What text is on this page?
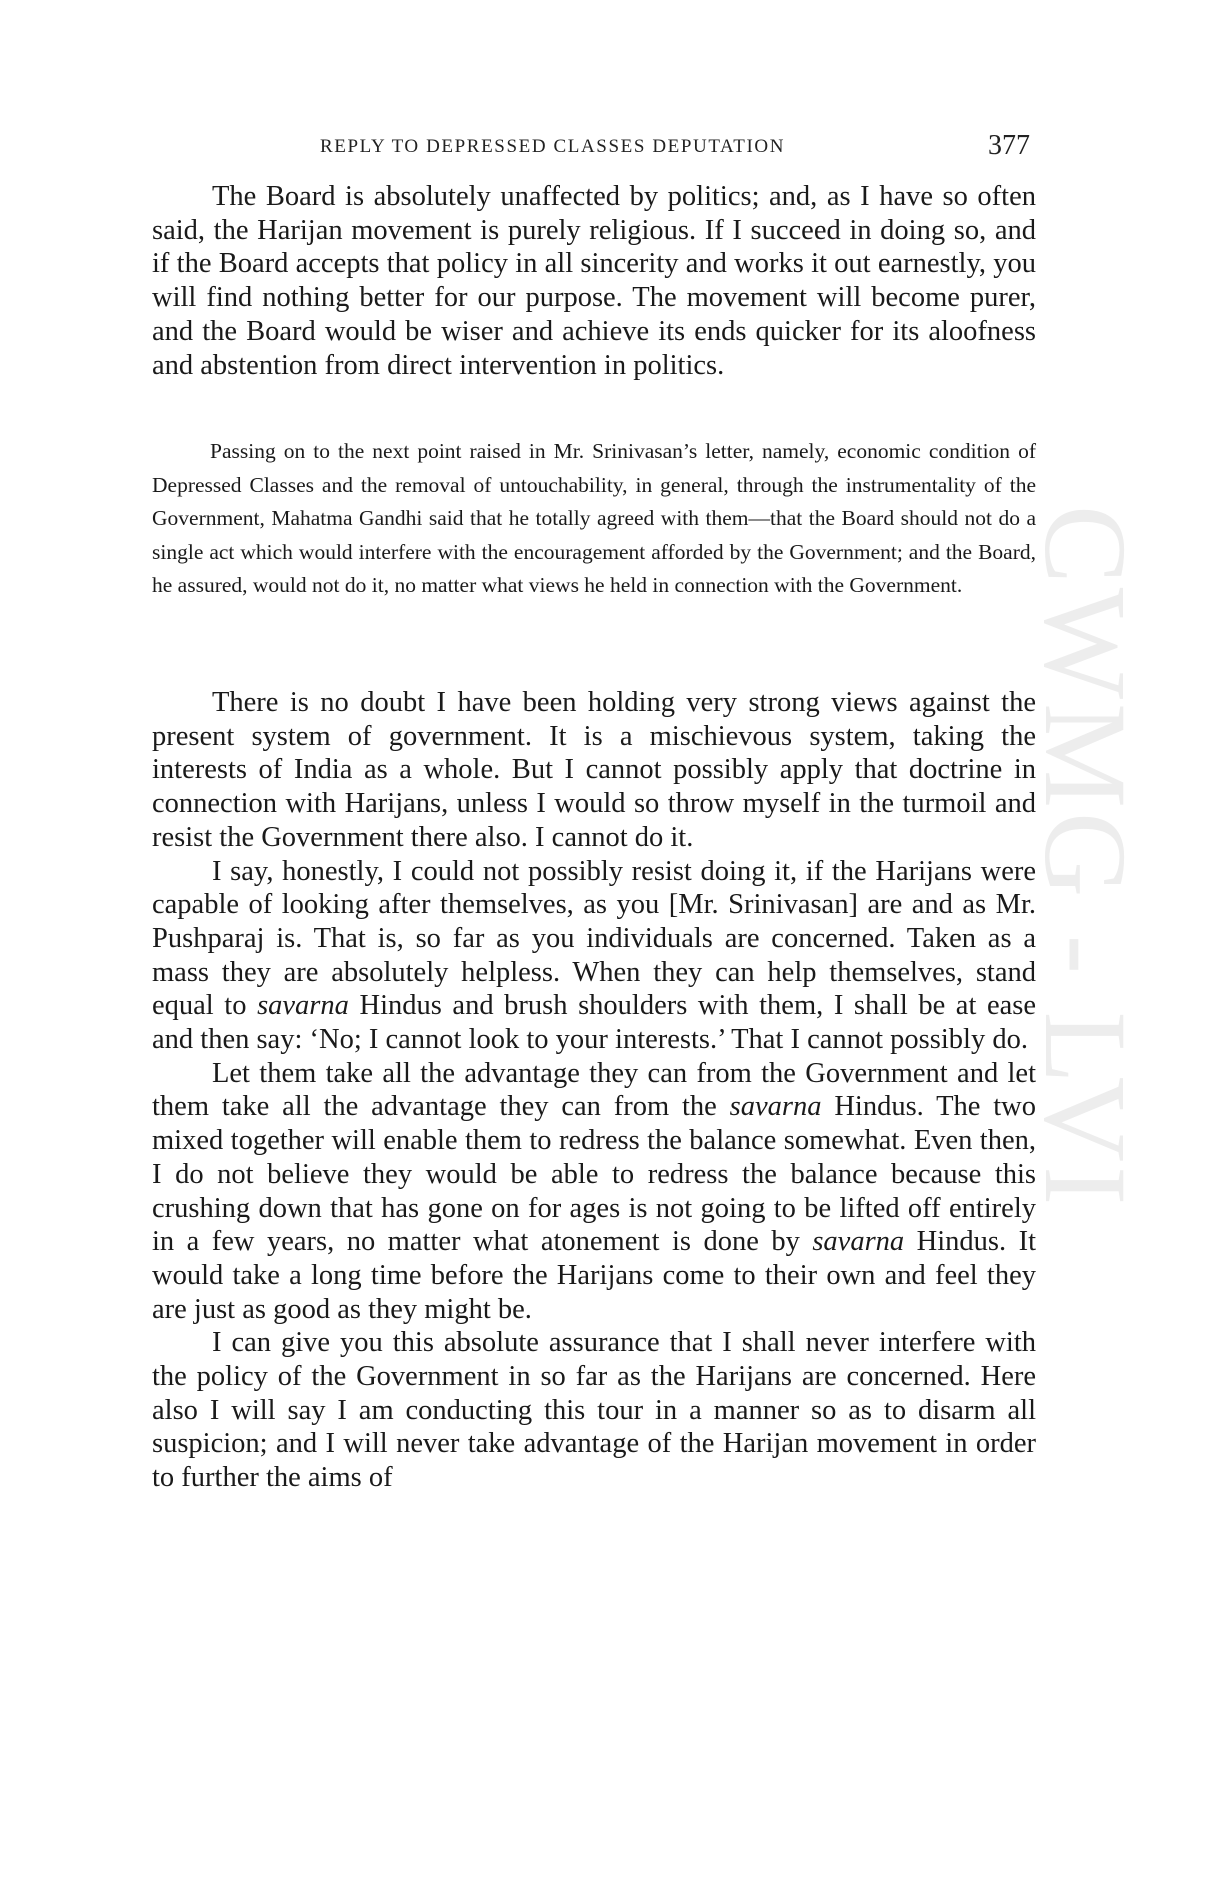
CWMG - LVI
REPLY TO DEPRESSED CLASSES DEPUTATION	377

The Board is absolutely unaffected by politics; and, as I have so often said, the Harijan movement is purely religious. If I succeed in doing so, and if the Board accepts that policy in all sincerity and works it out earnestly, you will find nothing better for our purpose. The movement will become purer, and the Board would be wiser and achieve its ends quicker for its aloofness and abstention from direct intervention in politics.

Passing on to the next point raised in Mr. Srinivasan’s letter, namely, economic condition of Depressed Classes and the removal of untouchability, in general, through the instrumentality of the Government, Mahatma Gandhi said that he totally agreed with them—that the Board should not do a single act which would interfere with the encouragement afforded by the Government; and the Board, he assured, would not do it, no matter what views he held in connection with the Government.

There is no doubt I have been holding very strong views against the present system of government. It is a mischievous system, taking the interests of India as a whole. But I cannot possibly apply that doctrine in connection with Harijans, unless I would so throw myself in the turmoil and resist the Government there also. I cannot do it.

I say, honestly, I could not possibly resist doing it, if the Harijans were capable of looking after themselves, as you [Mr. Srinivasan] are and as Mr. Pushparaj is. That is, so far as you individuals are concerned. Taken as a mass they are absolutely helpless. When they can help themselves, stand equal to savarna Hindus and brush shoulders with them, I shall be at ease and then say: ‘No; I cannot look to your interests.’ That I cannot possibly do.

Let them take all the advantage they can from the Government and let them take all the advantage they can from the savarna Hindus. The two mixed together will enable them to redress the balance somewhat. Even then, I do not believe they would be able to redress the balance because this crushing down that has gone on for ages is not going to be lifted off entirely in a few years, no matter what atonement is done by savarna Hindus. It would take a long time before the Harijans come to their own and feel they are just as good as they might be.

I can give you this absolute assurance that I shall never interfere with the policy of the Government in so far as the Harijans are concerned. Here also I will say I am conducting this tour in a manner so as to disarm all suspicion; and I will never take advantage of the Harijan movement in order to further the aims of
